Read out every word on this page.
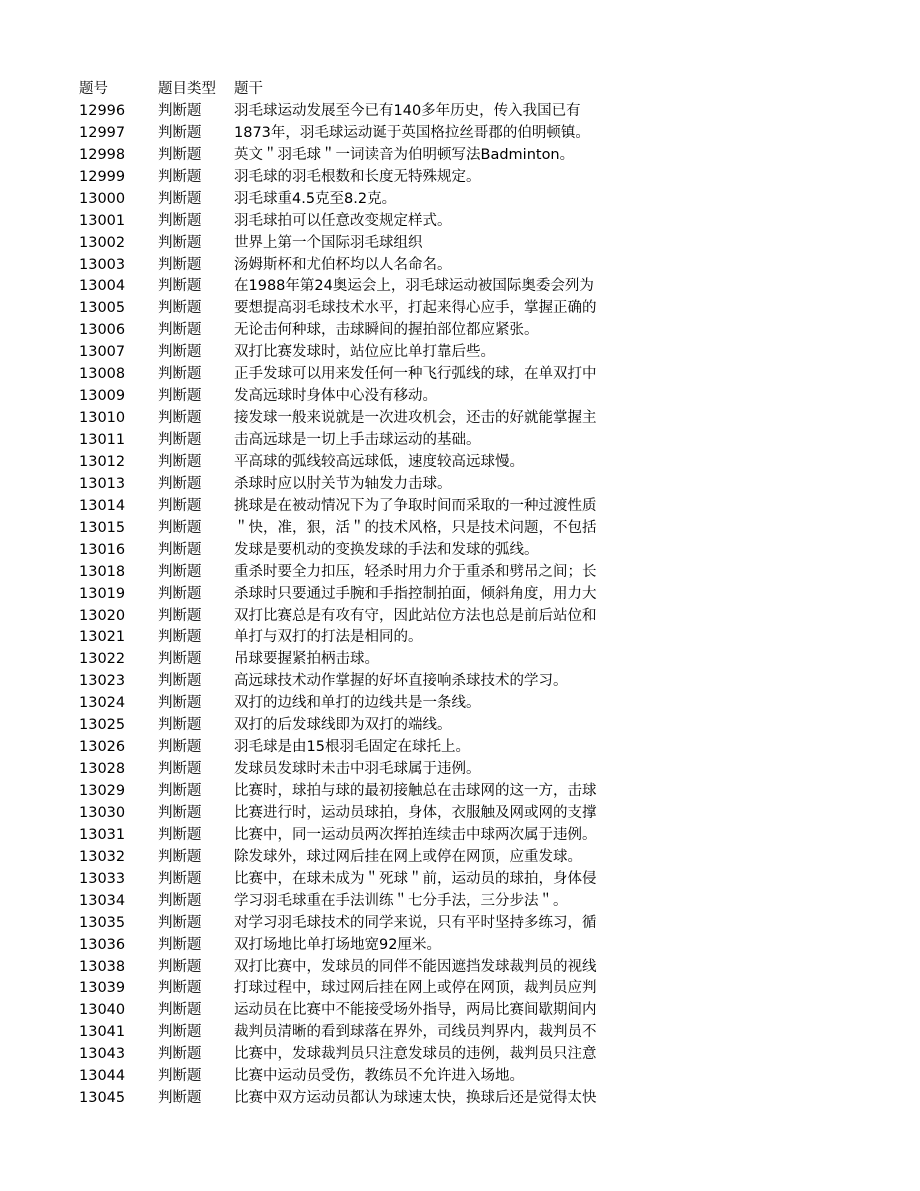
cn
题号	题目类型	题干
12996	判断题	羽毛球运动发展至今已有140多年历史，传入我国已有
12997	判断题	1873年，羽毛球运动诞于英国格拉丝哥郡的伯明顿镇。
12998	判断题	英文＂羽毛球＂一词读音为伯明顿写法Badminton。
12999	判断题	羽毛球的羽毛根数和长度无特殊规定。
13000	判断题	羽毛球重4.5克至8.2克。
13001	判断题	羽毛球拍可以任意改变规定样式。
13002	判断题	世界上第一个国际羽毛球组织
13003	判断题	汤姆斯杯和尤伯杯均以人名命名。
13004	判断题	在1988年第24奥运会上，羽毛球运动被国际奥委会列为
13005	判断题	要想提高羽毛球技术水平，打起来得心应手，掌握正确的
13006	判断题	无论击何种球，击球瞬间的握拍部位都应紧张。
13007	判断题	双打比赛发球时，站位应比单打靠后些。
13008	判断题	正手发球可以用来发任何一种飞行弧线的球，在单双打中
13009	判断题	发高远球时身体中心没有移动。
13010	判断题	接发球一般来说就是一次进攻机会，还击的好就能掌握主
13011	判断题	击高远球是一切上手击球运动的基础。
13012	判断题	平高球的弧线较高远球低，速度较高远球慢。
13013	判断题	杀球时应以肘关节为轴发力击球。
13014	判断题	挑球是在被动情况下为了争取时间而采取的一种过渡性质
13015	判断题	＂快，准，狠，活＂的技术风格，只是技术问题，不包括
13016	判断题	发球是要机动的变换发球的手法和发球的弧线。
13018	判断题	重杀时要全力扣压，轻杀时用力介于重杀和劈吊之间；长
13019	判断题	杀球时只要通过手腕和手指控制拍面，倾斜角度，用力大
13020	判断题	双打比赛总是有攻有守，因此站位方法也总是前后站位和
13021	判断题	单打与双打的打法是相同的。
13022	判断题	吊球要握紧拍柄击球。
13023	判断题	高远球技术动作掌握的好坏直接响杀球技术的学习。
13024	判断题	双打的边线和单打的边线共是一条线。
13025	判断题	双打的后发球线即为双打的端线。
13026	判断题	羽毛球是由15根羽毛固定在球托上。
13028	判断题	发球员发球时未击中羽毛球属于违例。
13029	判断题	比赛时，球拍与球的最初接触总在击球网的这一方，击球
13030	判断题	比赛进行时，运动员球拍，身体，衣服触及网或网的支撑
13031	判断题	比赛中，同一运动员两次挥拍连续击中球两次属于违例。
13032	判断题	除发球外，球过网后挂在网上或停在网顶，应重发球。
13033	判断题	比赛中，在球未成为＂死球＂前，运动员的球拍，身体侵
13034	判断题	学习羽毛球重在手法训练＂七分手法，三分步法＂。
13035	判断题	对学习羽毛球技术的同学来说，只有平时坚持多练习，循
13036	判断题	双打场地比单打场地宽92厘米。
13038	判断题	双打比赛中，发球员的同伴不能因遮挡发球裁判员的视线
13039	判断题	打球过程中，球过网后挂在网上或停在网顶，裁判员应判
13040	判断题	运动员在比赛中不能接受场外指导，两局比赛间歇期间内
13041	判断题	裁判员清晰的看到球落在界外，司线员判界内，裁判员不
13043	判断题	比赛中，发球裁判员只注意发球员的违例，裁判员只注意
13044	判断题	比赛中运动员受伤，教练员不允许进入场地。
13045	判断题	比赛中双方运动员都认为球速太快，换球后还是觉得太快
